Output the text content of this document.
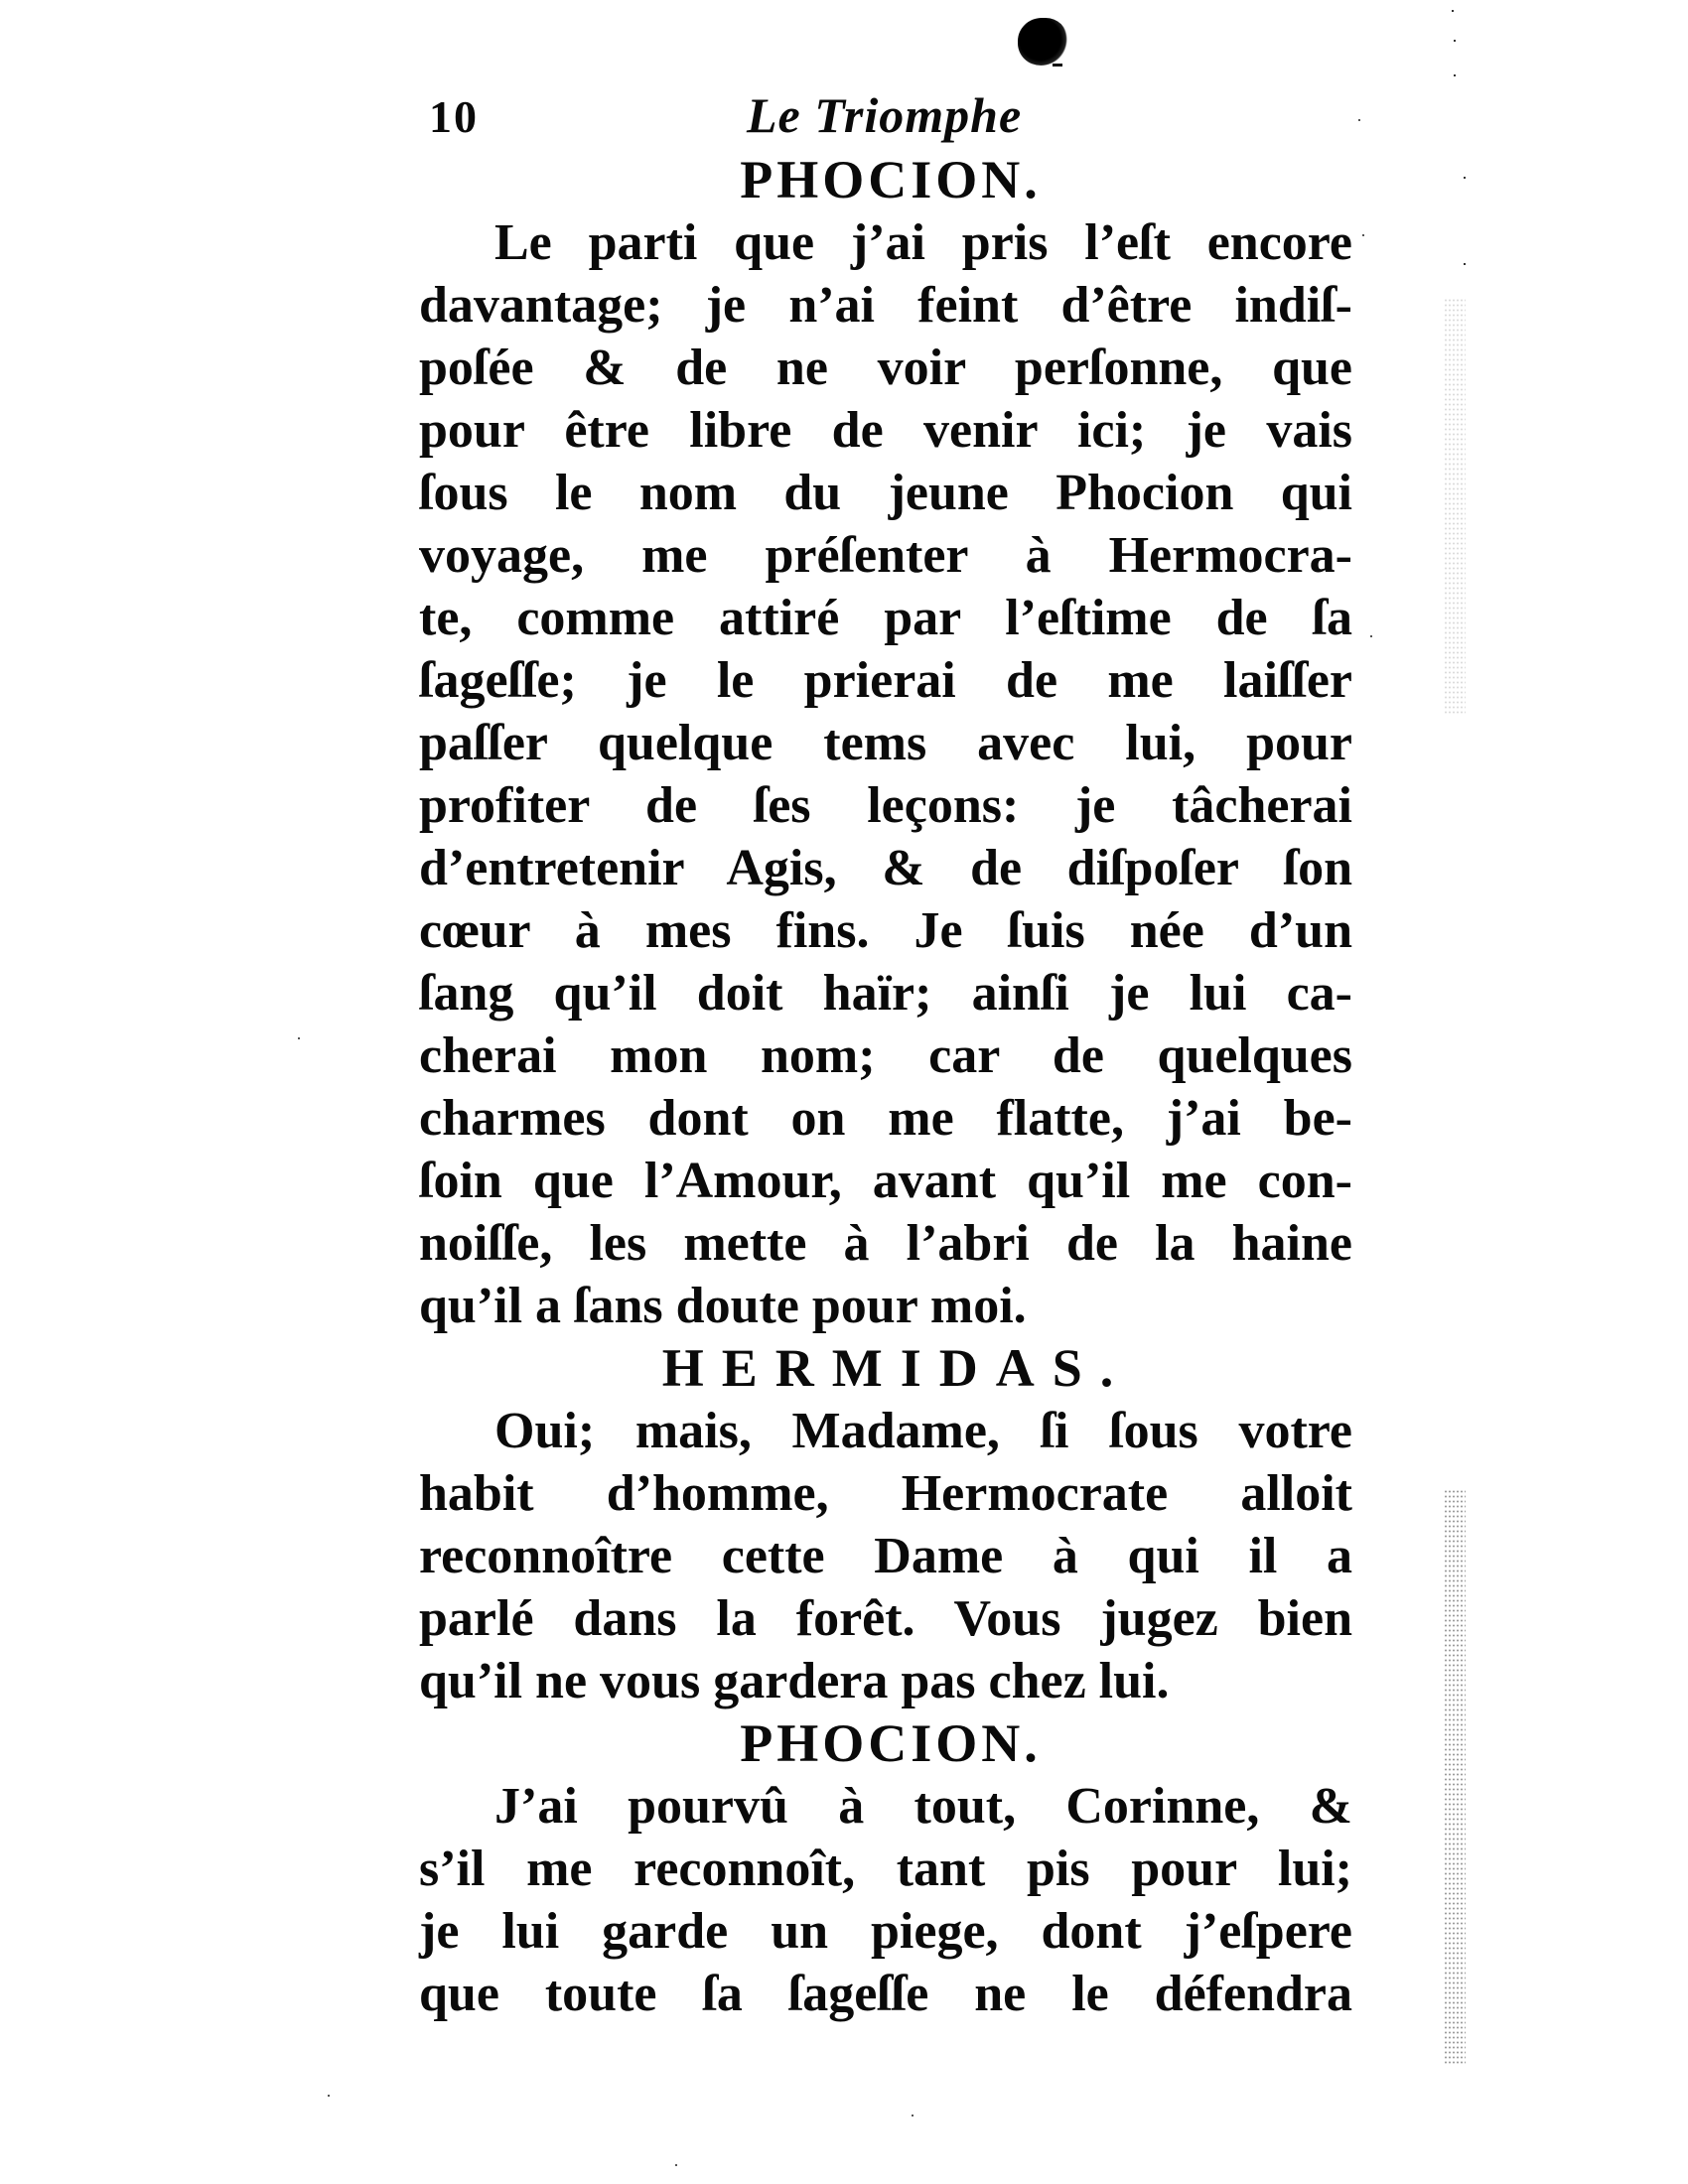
10	Le Triomphe
PHOCION.
Le parti que j’ai pris l’eſt encore
davantage; je n’ai feint d’être indiſ-
poſée & de ne voir perſonne, que
pour être libre de venir ici; je vais
ſous le nom du jeune Phocion qui
voyage, me préſenter à Hermocra-
te, comme attiré par l’eſtime de ſa
ſageſſe; je le prierai de me laiſſer
paſſer quelque tems avec lui, pour
profiter de ſes leçons: je tâcherai
d’entretenir Agis, & de diſpoſer ſon
cœur à mes fins. Je ſuis née d’un
ſang qu’il doit haïr; ainſi je lui ca-
cherai mon nom; car de quelques
charmes dont on me flatte, j’ai be-
ſoin que l’Amour, avant qu’il me con-
noiſſe, les mette à l’abri de la haine
qu’il a ſans doute pour moi.
HERMIDAS.
Oui; mais, Madame, ſi ſous votre
habit d’homme, Hermocrate alloit
reconnoître cette Dame à qui il a
parlé dans la forêt. Vous jugez bien
qu’il ne vous gardera pas chez lui.
PHOCION.
J’ai pourvû à tout, Corinne, &
s’il me reconnoît, tant pis pour lui;
je lui garde un piege, dont j’eſpere
que toute ſa ſageſſe ne le défendra
